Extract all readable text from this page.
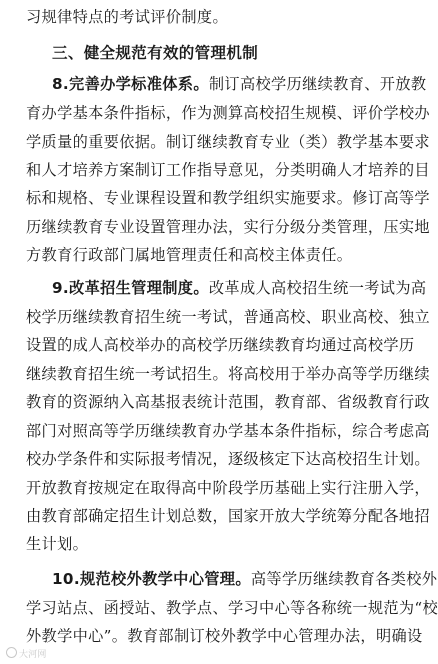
习规律特点的考试评价制度。
三、健全规范有效的管理机制
8.完善办学标准体系。制订高校学历继续教育、开放教
育办学基本条件指标，作为测算高校招生规模、评价学校办
学质量的重要依据。制订继续教育专业（类）教学基本要求
和人才培养方案制订工作指导意见，分类明确人才培养的目
标和规格、专业课程设置和教学组织实施要求。修订高等学
历继续教育专业设置管理办法，实行分级分类管理，压实地
方教育行政部门属地管理责任和高校主体责任。
9.改革招生管理制度。改革成人高校招生统一考试为高
校学历继续教育招生统一考试，普通高校、职业高校、独立
设置的成人高校举办的高校学历继续教育均通过高校学历
继续教育招生统一考试招生。将高校用于举办高等学历继续
教育的资源纳入高基报表统计范围，教育部、省级教育行政
部门对照高等学历继续教育办学基本条件指标，综合考虑高
校办学条件和实际报考情况，逐级核定下达高校招生计划。
开放教育按规定在取得高中阶段学历基础上实行注册入学，
由教育部确定招生计划总数，国家开放大学统筹分配各地招
生计划。
10.规范校外教学中心管理。高等学历继续教育各类校外
学习站点、函授站、教学点、学习中心等各称统一规范为“校
外教学中心”。教育部制订校外教学中心管理办法，明确设
大河网
